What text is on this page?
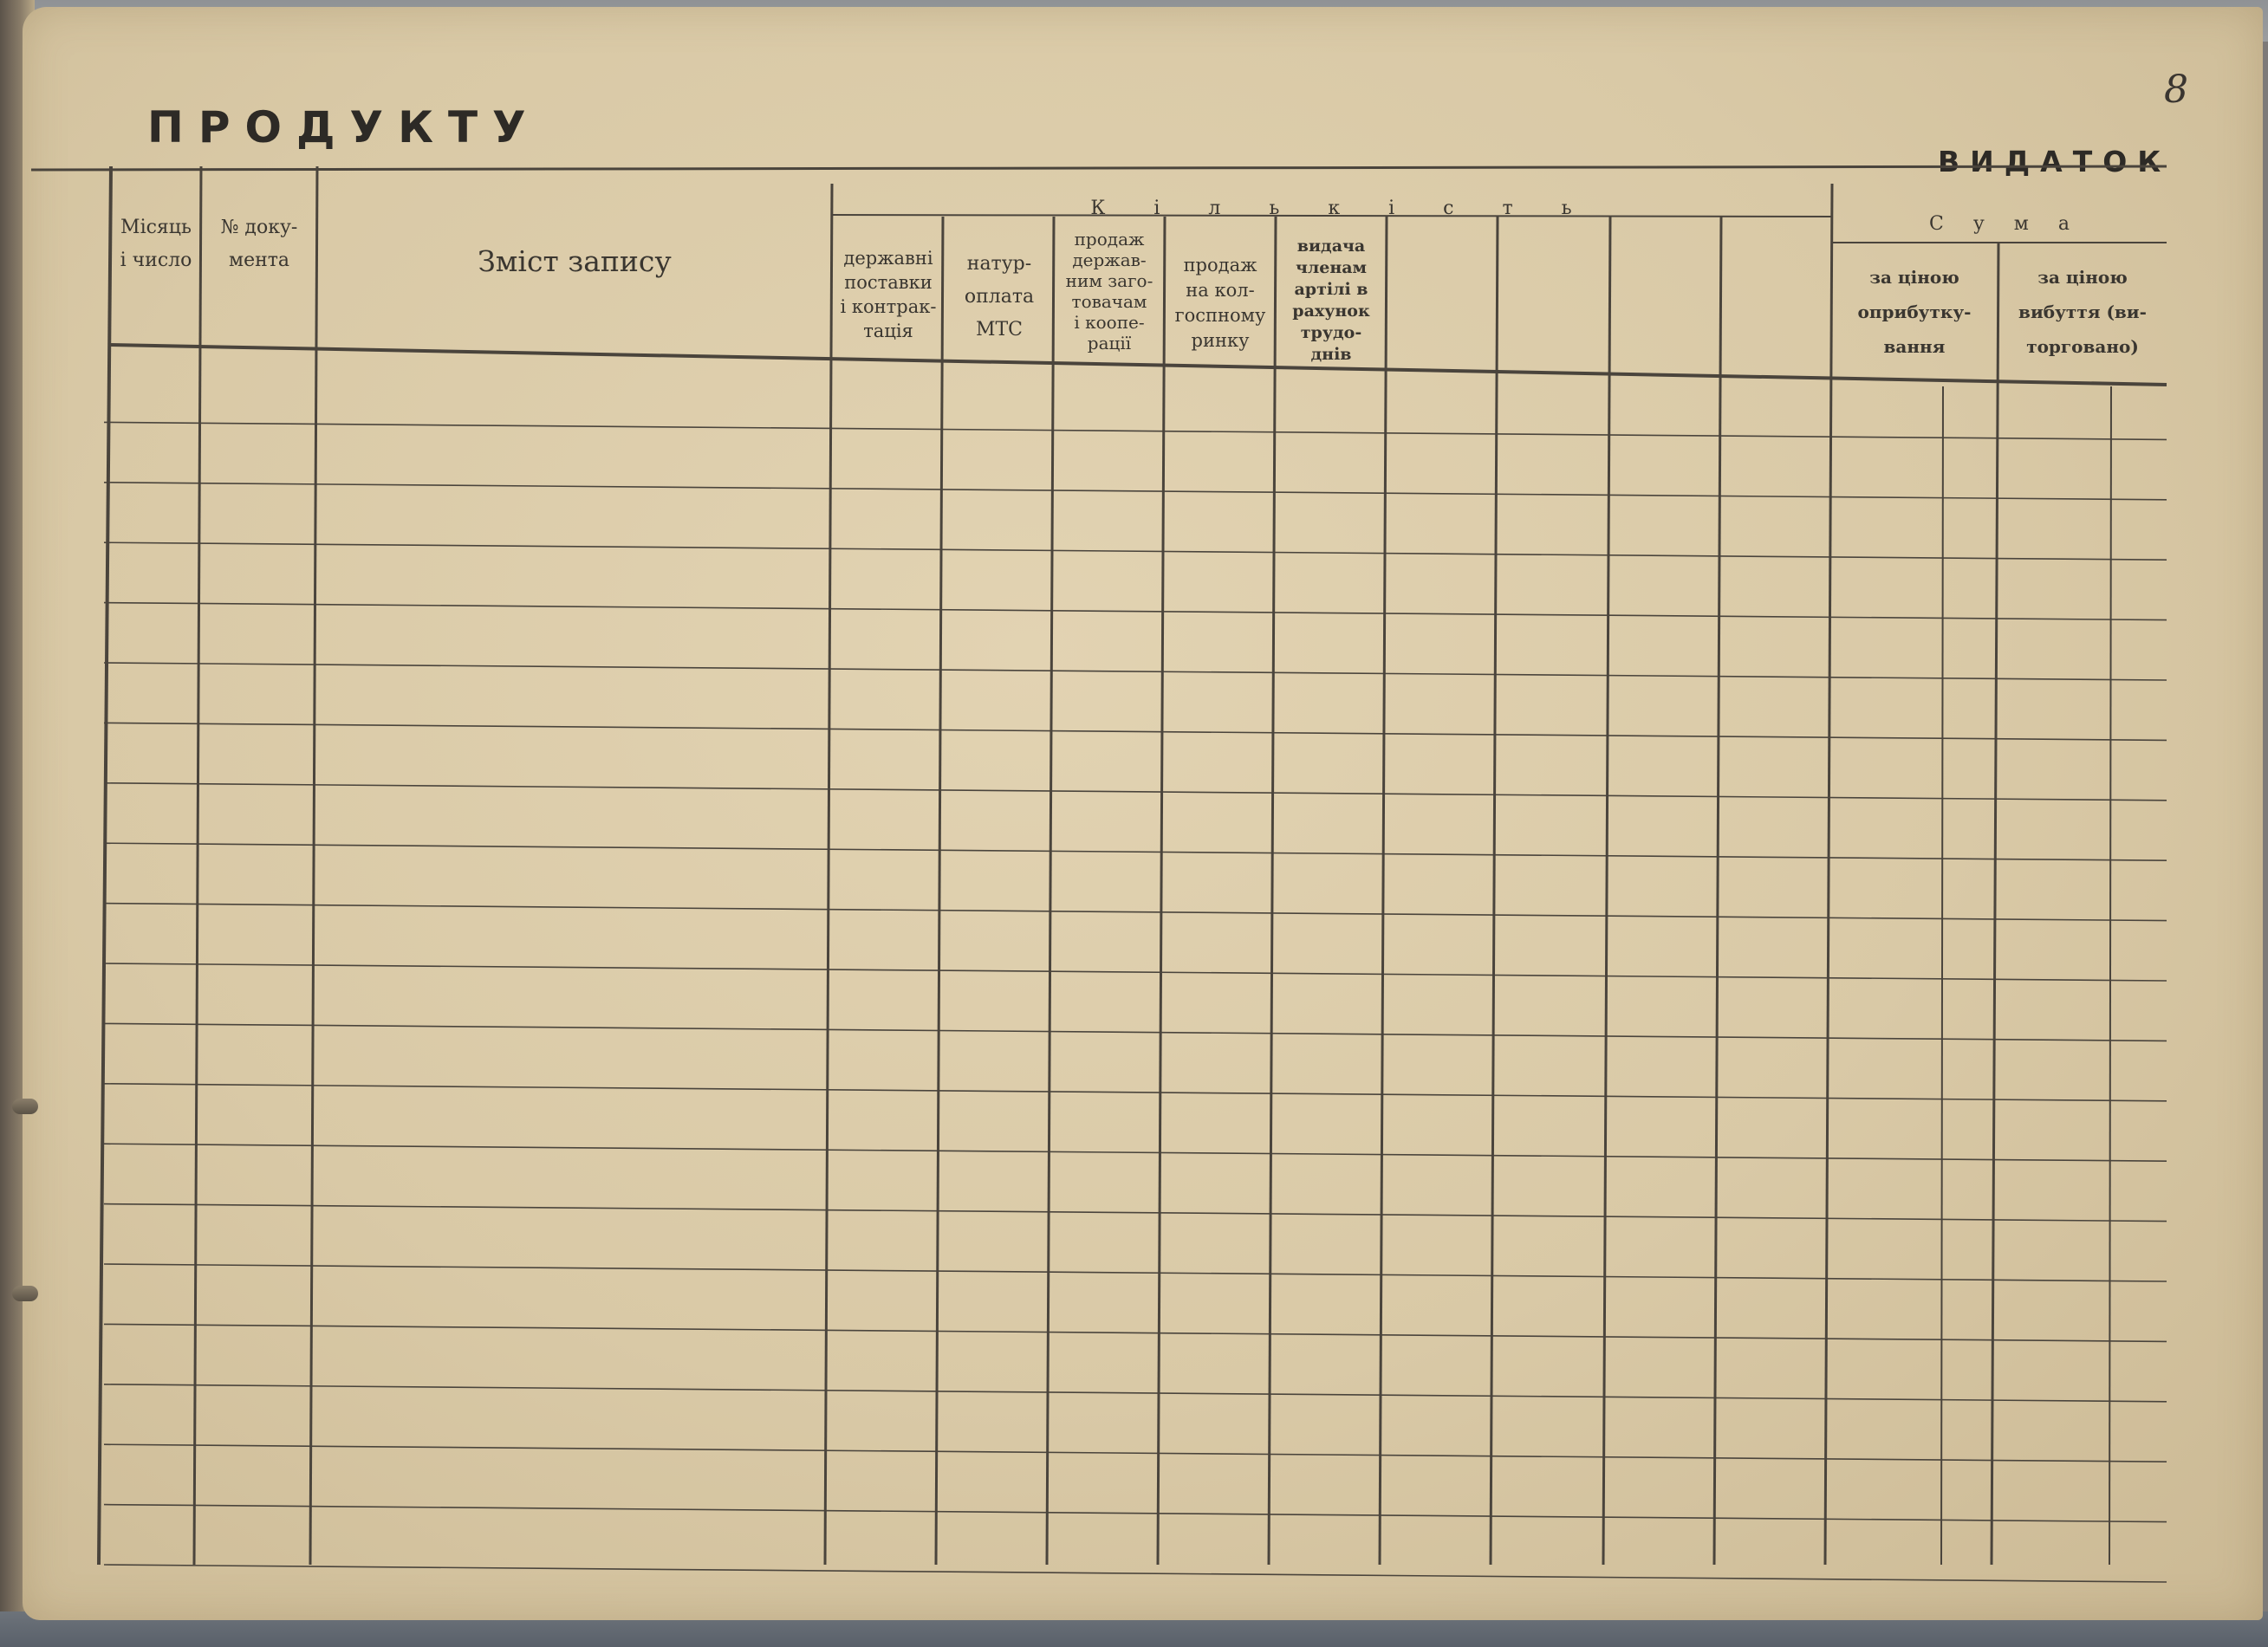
8
ПРОДУКТУ
ВИДАТОК
Місяць
і число
№ доку-
мента	Зміст запису
Кількість
Сума
державні
поставки
і контрак-
тація
натур-
оплата
МТС
продаж
держав-
ним заго-
товачам
і коопе-
рації
продаж
на кол-
госпному
ринку
видача
членам
артілі в
рахунок
трудо-
днів
за ціною
оприбутку-
вання
за ціною
вибуття (ви-
торговано)
